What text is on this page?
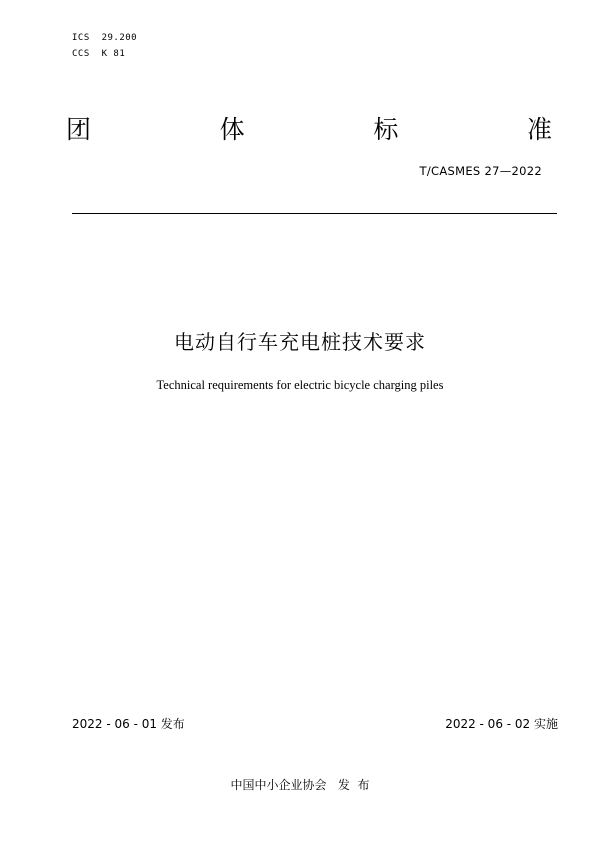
ICS  29.200
CCS  K 81
团	体	标	准
T/CASMES 27—2022
电动自行车充电桩技术要求
Technical requirements for electric bicycle charging piles
2022 - 06 - 01 发布	2022 - 06 - 02 实施
中国中小企业协会   发  布
